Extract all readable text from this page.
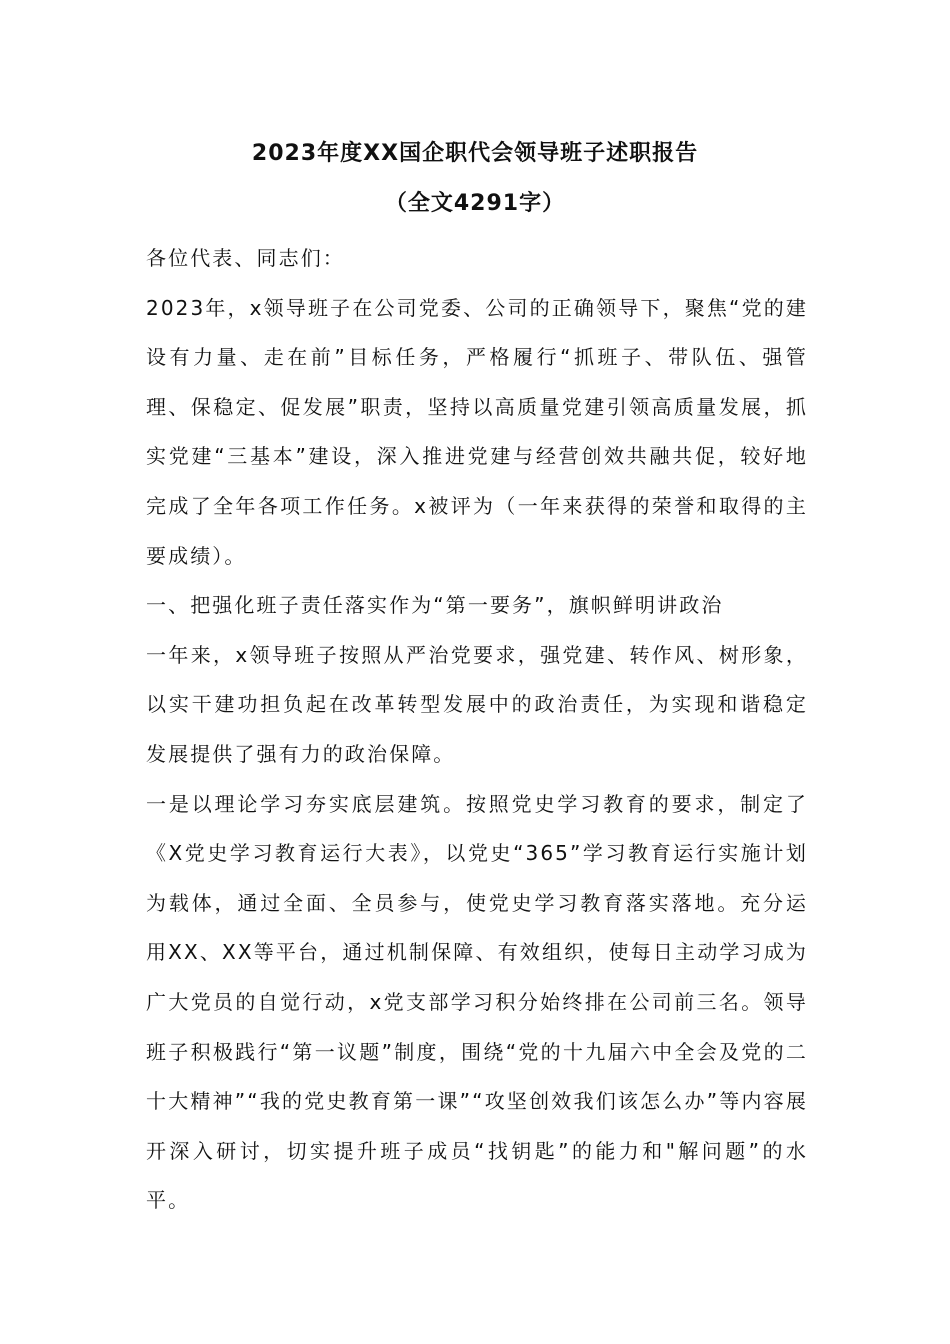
2023年度XX国企职代会领导班子述职报告
（全文4291字）

各位代表、同志们：

2023年，x领导班子在公司党委、公司的正确领导下，聚焦“党的建设有力量、走在前”目标任务，严格履行“抓班子、带队伍、强管理、保稳定、促发展”职责，坚持以高质量党建引领高质量发展，抓实党建“三基本”建设，深入推进党建与经营创效共融共促，较好地完成了全年各项工作任务。x被评为（一年来获得的荣誉和取得的主要成绩）。

一、把强化班子责任落实作为“第一要务”，旗帜鲜明讲政治

一年来，x领导班子按照从严治党要求，强党建、转作风、树形象，以实干建功担负起在改革转型发展中的政治责任，为实现和谐稳定发展提供了强有力的政治保障。

一是以理论学习夯实底层建筑。按照党史学习教育的要求，制定了《X党史学习教育运行大表》，以党史“365”学习教育运行实施计划为载体，通过全面、全员参与，使党史学习教育落实落地。充分运用XX、XX等平台，通过机制保障、有效组织，使每日主动学习成为广大党员的自觉行动，x党支部学习积分始终排在公司前三名。领导班子积极践行“第一议题”制度，围绕“党的十九届六中全会及党的二十大精神”“我的党史教育第一课”“攻坚创效我们该怎么办”等内容展开深入研讨，切实提升班子成员“找钥匙”的能力和"解问题”的水平。
